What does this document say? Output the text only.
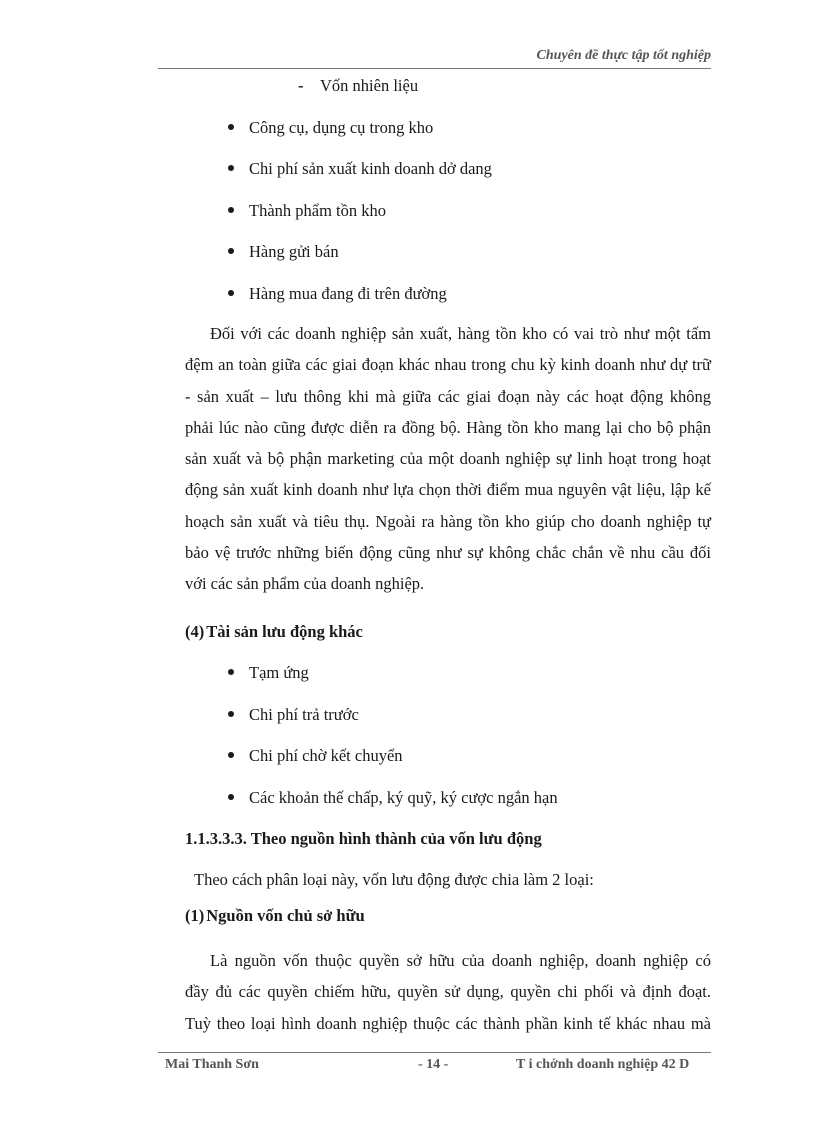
Chuyên đề thực tập tốt nghiệp
- Vốn nhiên liệu
Công cụ, dụng cụ trong kho
Chi phí sản xuất kinh doanh dở dang
Thành phẩm tồn kho
Hàng gửi bán
Hàng mua đang đi trên đường
Đối với các doanh nghiệp sản xuất, hàng tồn kho có vai trò như một tấm
đệm an toàn giữa các giai đoạn khác nhau trong chu kỳ kinh doanh như dự trữ
- sản xuất – lưu thông khi mà giữa các giai đoạn này các hoạt động không
phải lúc nào cũng được diễn ra đồng bộ. Hàng tồn kho mang lại cho bộ phận
sản xuất và bộ phận marketing của một doanh nghiệp sự linh hoạt trong hoạt
động sản xuất kinh doanh như lựa chọn thời điểm mua nguyên vật liệu, lập kế
hoạch sản xuất và tiêu thụ. Ngoài ra hàng tồn kho giúp cho doanh nghiệp tự
bảo vệ trước những biến động cũng như sự không chắc chắn về nhu cầu đối
với các sản phẩm của doanh nghiệp.
(4) Tài sản lưu động khác
Tạm ứng
Chi phí trả trước
Chi phí chờ kết chuyển
Các khoản thế chấp, ký quỹ, ký cược ngắn hạn
1.1.3.3.3. Theo nguồn hình thành của vốn lưu động
Theo cách phân loại này, vốn lưu động được chia làm 2 loại:
(1) Nguồn vốn chủ sở hữu
Là nguồn vốn thuộc quyền sở hữu của doanh nghiệp, doanh nghiệp có
đầy đủ các quyền chiếm hữu, quyền sử dụng, quyền chi phối và định đoạt.
Tuỳ theo loại hình doanh nghiệp thuộc các thành phần kinh tế khác nhau mà
Mai Thanh Sơn	- 14 -	T i chớnh doanh nghiệp 42 D
